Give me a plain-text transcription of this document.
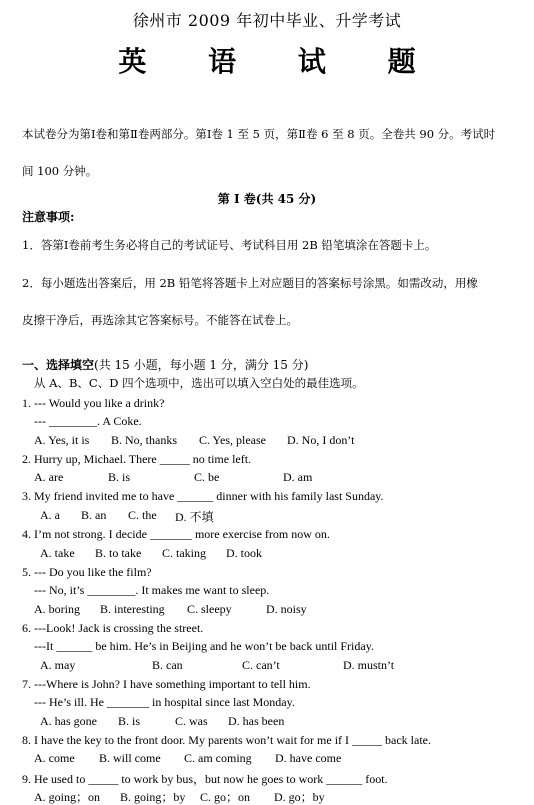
徐州市 2009 年初中毕业、升学考试
英 语 试 题
本试卷分为第Ⅰ卷和第Ⅱ卷两部分。第Ⅰ卷 1 至 5 页，第Ⅱ卷 6 至 8 页。全卷共 90 分。考试时
间 100 分钟。
第 Ⅰ 卷(共 45 分)
注意事项:
1．答第Ⅰ卷前考生务必将自己的考试证号、考试科目用 2B 铅笔填涂在答题卡上。
2．每小题选出答案后，用 2B 铅笔将答题卡上对应题目的答案标号涂黑。如需改动，用橡
皮擦干净后，再选涂其它答案标号。不能答在试卷上。
一、选择填空(共 15 小题，每小题 1 分，满分 15 分)
从 A、B、C、D 四个选项中，选出可以填入空白处的最佳选项。
1. --- Would you like a drink?
--- ________. A Coke.
A. Yes, it is B. No, thanks C. Yes, please D. No, I don’t
2. Hurry up, Michael. There _____ no time left.
A. are	B. is	C. be	D. am
3. My friend invited me to have ______ dinner with his family last Sunday.
A. a B. an C. the D. 不填
4. I’m not strong. I decide _______ more exercise from now on.
A. take B. to take C. taking D. took
5. --- Do you like the film?
--- No, it’s ________. It makes me want to sleep.
A. boring B. interesting C. sleepy	D. noisy
6. ---Look! Jack is crossing the street.
---It ______ be him. He’s in Beijing and he won’t be back until Friday.
A. may	B. can	C. can’t	D. mustn’t
7. ---Where is John? I have something important to tell him.
--- He’s ill. He _______ in hospital since last Monday.
A. has gone B. is	C. was D. has been
8. I have the key to the front door. My parents won’t wait for me if I _____ back late.
A. come B. will come C. am coming D. have come
9. He used to _____ to work by bus，but now he goes to work ______ foot.
A. going；on B. going；by C. go；on D. go；by
